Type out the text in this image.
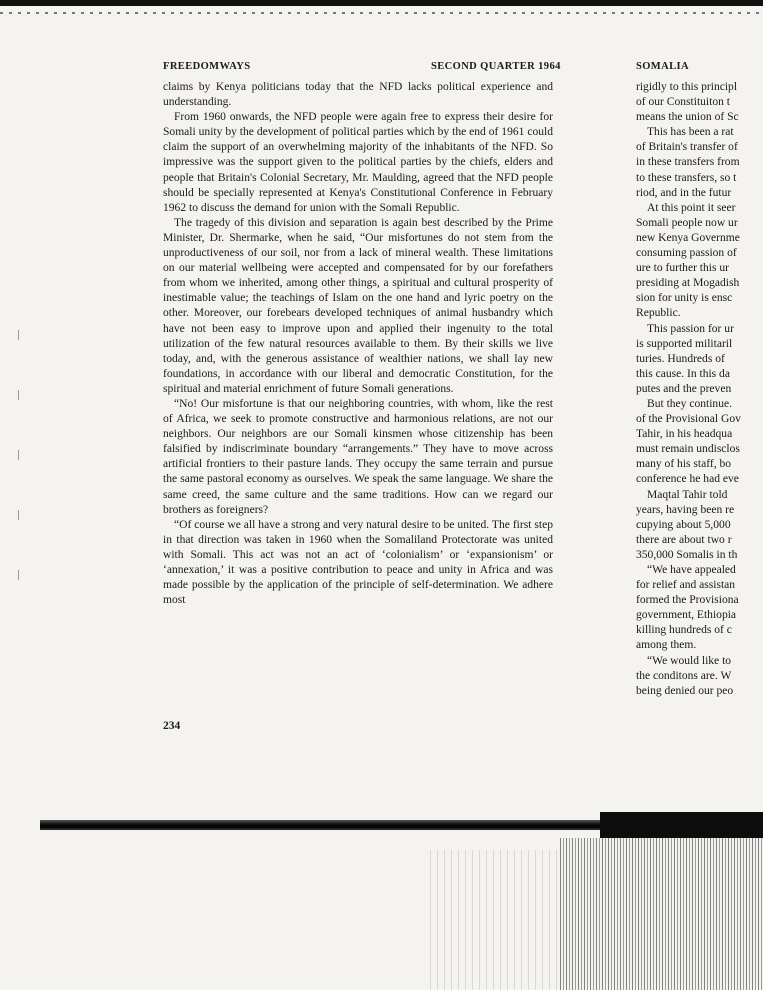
FREEDOMWAYS	SECOND QUARTER 1964	SOMALIA

claims by Kenya politicians today that the NFD lacks political experience and understanding.

From 1960 onwards, the NFD people were again free to express their desire for Somali unity by the development of political parties which by the end of 1961 could claim the support of an overwhelming majority of the inhabitants of the NFD. So impressive was the support given to the political parties by the chiefs, elders and people that Britain's Colonial Secretary, Mr. Maulding, agreed that the NFD people should be specially represented at Kenya's Constitutional Conference in February 1962 to discuss the demand for union with the Somali Republic.

The tragedy of this division and separation is again best described by the Prime Minister, Dr. Shermarke, when he said, “Our misfortunes do not stem from the unproductiveness of our soil, nor from a lack of mineral wealth. These limitations on our material wellbeing were accepted and compensated for by our forefathers from whom we inherited, among other things, a spiritual and cultural prosperity of inestimable value; the teachings of Islam on the one hand and lyric poetry on the other. Moreover, our forebears developed techniques of animal husbandry which have not been easy to improve upon and applied their ingenuity to the total utilization of the few natural resources available to them. By their skills we live today, and, with the generous assistance of wealthier nations, we shall lay new foundations, in accordance with our liberal and democratic Constitution, for the spiritual and material enrichment of future Somali generations.

“No! Our misfortune is that our neighboring countries, with whom, like the rest of Africa, we seek to promote constructive and harmonious relations, are not our neighbors. Our neighbors are our Somali kinsmen whose citizenship has been falsified by indiscriminate boundary “arrangements.” They have to move across artificial frontiers to their pasture lands. They occupy the same terrain and pursue the same pastoral economy as ourselves. We speak the same language. We share the same creed, the same culture and the same traditions. How can we regard our brothers as foreigners?

“Of course we all have a strong and very natural desire to be united. The first step in that direction was taken in 1960 when the Somaliland Protectorate was united with Somali. This act was not an act of ‘colonialism’ or ‘expansionism’ or ‘annexation,’ it was a positive contribution to peace and unity in Africa and was made possible by the application of the principle of self-determination. We adhere most

rigidly to this principl
of our Constituiton t
means the union of Sc
This has been a rat
of Britain's transfer of
in these transfers from
to these transfers, so t
riod, and in the futur
At this point it seer
Somali people now ur
new Kenya Governme
consuming passion of
ure to further this ur
presiding at Mogadish
sion for unity is ensc
Republic.
This passion for ur
is supported militaril
turies. Hundreds of
this cause. In this da
putes and the preven
But they continue.
of the Provisional Gov
Tahir, in his headqua
must remain undisclos
many of his staff, bo
conference he had eve
Maqtal Tahir told
years, having been re
cupying about 5,000
there are about two r
350,000 Somalis in th
“We have appealed
for relief and assistan
formed the Provisiona
government, Ethiopia
killing hundreds of c
among them.
“We would like to
the conditons are. W
being denied our peo
234
